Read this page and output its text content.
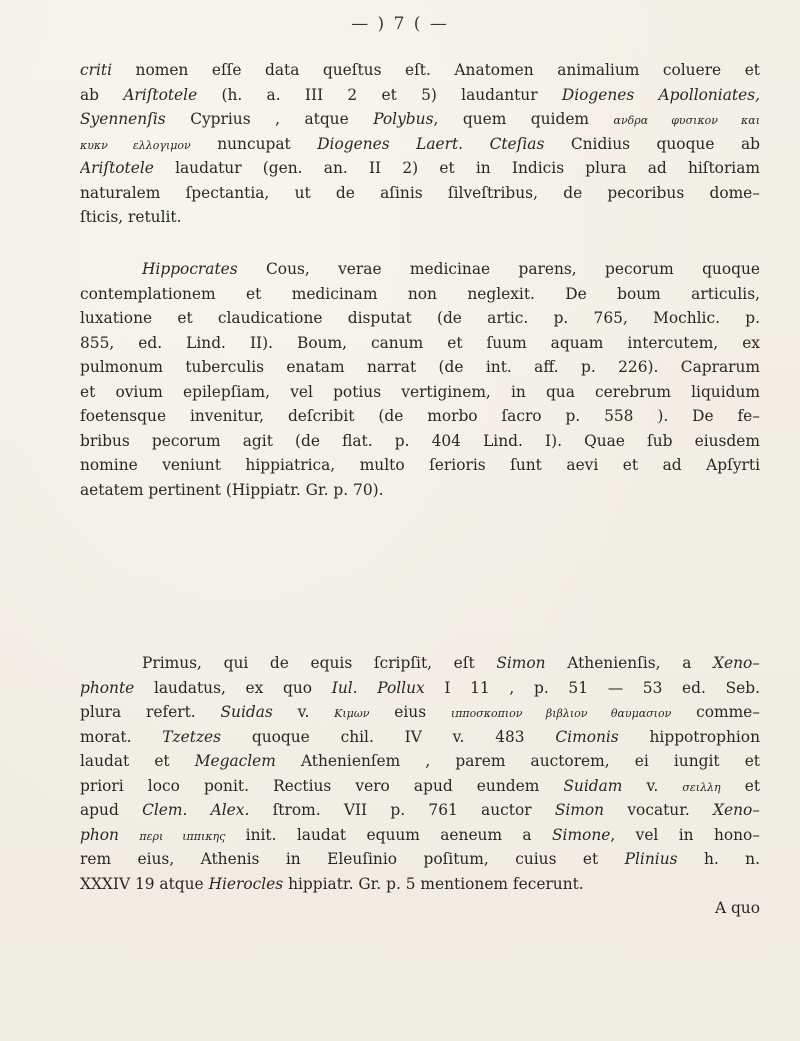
— ) 7 ( —
criti nomen eſſe data queſtus eſt. Anatomen animalium coluere et
ab Ariſtotele (h. a. III 2 et 5) laudantur Diogenes Apolloniates,
Syennenſis Cyprius , atque Polybus, quem quidem ανδρα φυσικον και
κυκν ελλογιμον nuncupat Diogenes Laert. Cteſias Cnidius quoque ab
Ariſtotele laudatur (gen. an. II 2) et in Indicis plura ad hiſtoriam
naturalem ſpectantia, ut de aſinis ſilveſtribus, de pecoribus dome–
ſticis, retulit.
Hippocrates Cous, verae medicinae parens, pecorum quoque
contemplationem et medicinam non neglexit. De boum articulis,
luxatione et claudicatione disputat (de artic. p. 765, Mochlic. p.
855, ed. Lind. II). Boum, canum et ſuum aquam intercutem, ex
pulmonum tuberculis enatam narrat (de int. aff. p. 226). Caprarum
et ovium epilepſiam, vel potius vertiginem, in qua cerebrum liquidum
foetensque invenitur, deſcribit (de morbo ſacro p. 558 ). De fe–
bribus pecorum agit (de flat. p. 404 Lind. I). Quae ſub eiusdem
nomine veniunt hippiatrica, multo ſerioris ſunt aevi et ad Apſyrti
aetatem pertinent (Hippiatr. Gr. p. 70).
Primus, qui de equis ſcripſit, eſt Simon Athenienſis, a Xeno–
phonte laudatus, ex quo Iul. Pollux I 11 , p. 51 — 53 ed. Seb.
plura refert. Suidas v. Κιμων eius ιπποσκοπιον βιβλιον θαυμασιον comme–
morat. Tzetzes quoque chil. IV v. 483 Cimonis hippotrophion
laudat et Megaclem Athenienſem , parem auctorem, ei iungit et
priori loco ponit. Rectius vero apud eundem Suidam v. σειλλη et
apud Clem. Alex. ſtrom. VII p. 761 auctor Simon vocatur. Xeno–
phon περι ιππικης init. laudat equum aeneum a Simone, vel in hono–
rem eius, Athenis in Eleuſinio poſitum, cuius et Plinius h. n.
XXXIV 19 atque Hierocles hippiatr. Gr. p. 5 mentionem fecerunt.
A quo
